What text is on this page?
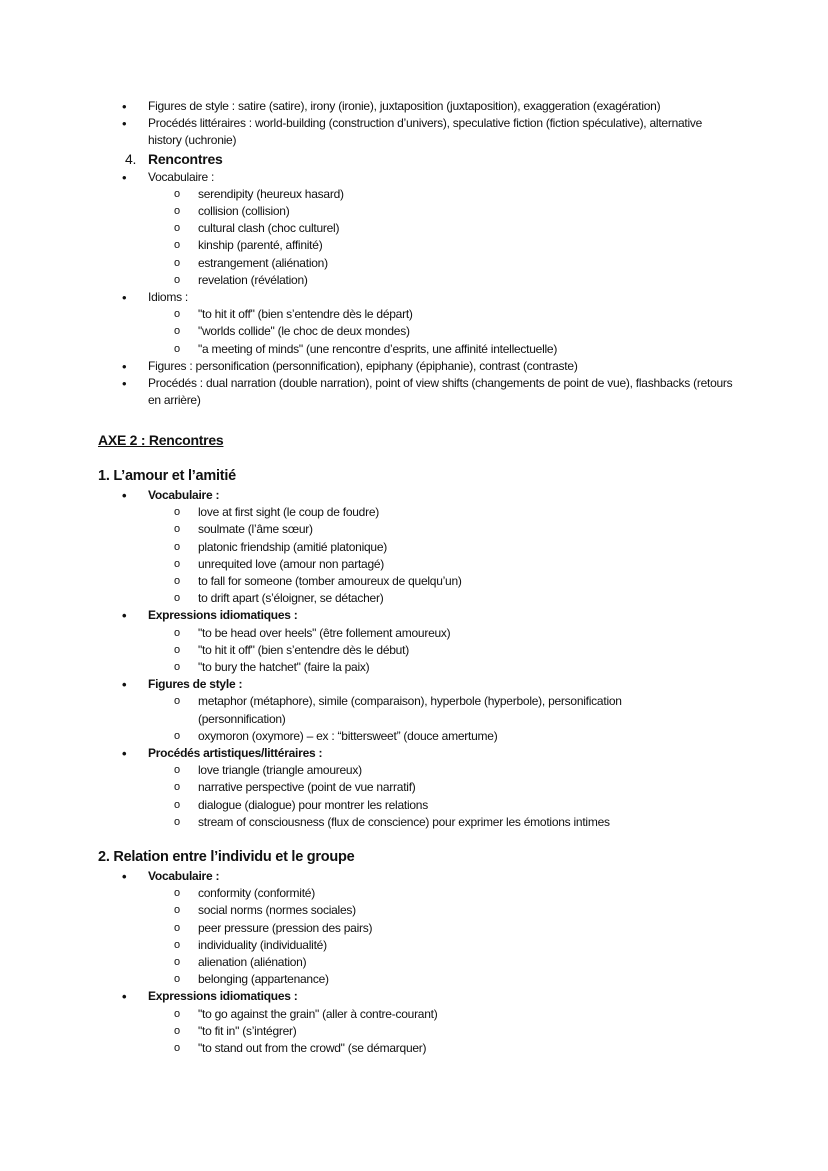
• Figures de style : satire (satire), irony (ironie), juxtaposition (juxtaposition), exaggeration (exagération)
• Procédés littéraires : world-building (construction d’univers), speculative fiction (fiction spéculative), alternative history (uchronie)
4. Rencontres
• Vocabulaire :
o serendipity (heureux hasard)
o collision (collision)
o cultural clash (choc culturel)
o kinship (parenté, affinité)
o estrangement (aliénation)
o revelation (révélation)
• Idioms :
o "to hit it off" (bien s’entendre dès le départ)
o "worlds collide" (le choc de deux mondes)
o "a meeting of minds" (une rencontre d’esprits, une affinité intellectuelle)
• Figures : personification (personnification), epiphany (épiphanie), contrast (contraste)
• Procédés : dual narration (double narration), point of view shifts (changements de point de vue), flashbacks (retours en arrière)
AXE 2 : Rencontres
1. L’amour et l’amitié
• Vocabulaire :
o love at first sight (le coup de foudre)
o soulmate (l’âme sœur)
o platonic friendship (amitié platonique)
o unrequited love (amour non partagé)
o to fall for someone (tomber amoureux de quelqu’un)
o to drift apart (s’éloigner, se détacher)
• Expressions idiomatiques :
o "to be head over heels" (être follement amoureux)
o "to hit it off" (bien s’entendre dès le début)
o "to bury the hatchet" (faire la paix)
• Figures de style :
o metaphor (métaphore), simile (comparaison), hyperbole (hyperbole), personification (personnification)
o oxymoron (oxymore) – ex : “bittersweet” (douce amertume)
• Procédés artistiques/littéraires :
o love triangle (triangle amoureux)
o narrative perspective (point de vue narratif)
o dialogue (dialogue) pour montrer les relations
o stream of consciousness (flux de conscience) pour exprimer les émotions intimes
2. Relation entre l’individu et le groupe
• Vocabulaire :
o conformity (conformité)
o social norms (normes sociales)
o peer pressure (pression des pairs)
o individuality (individualité)
o alienation (aliénation)
o belonging (appartenance)
• Expressions idiomatiques :
o "to go against the grain" (aller à contre-courant)
o "to fit in" (s’intégrer)
o "to stand out from the crowd" (se démarquer)
